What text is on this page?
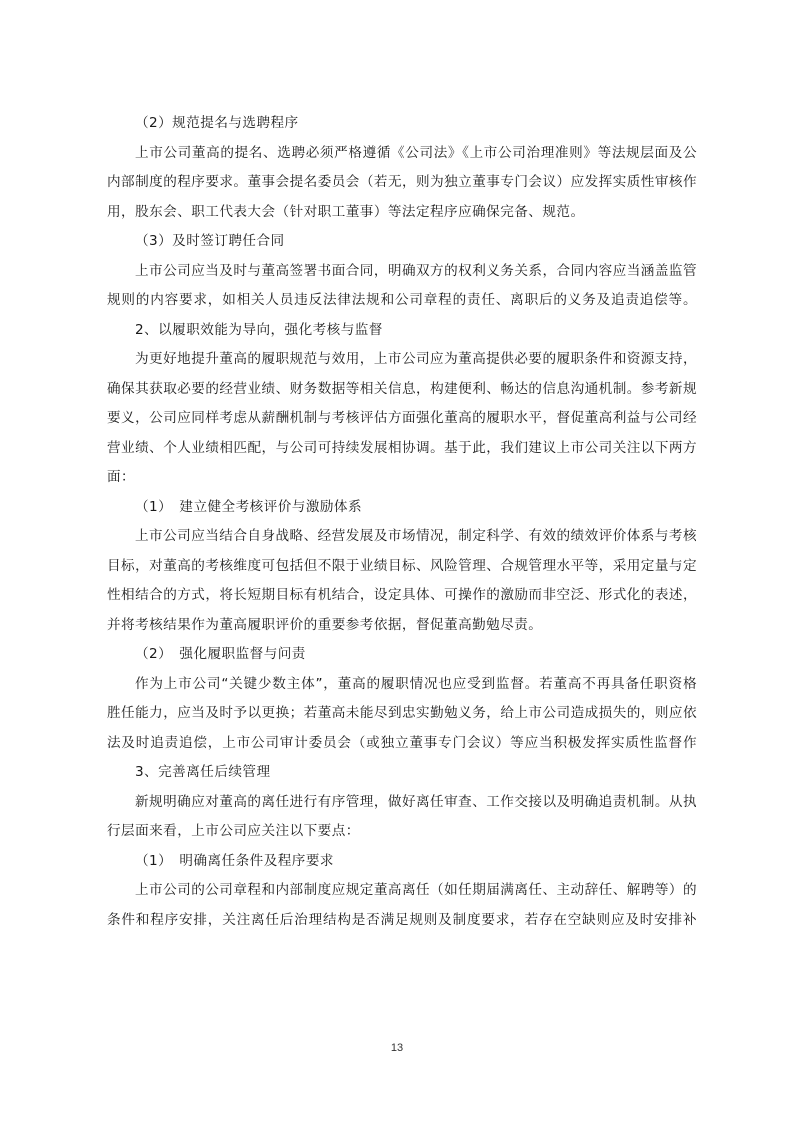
（2）规范提名与选聘程序
上市公司董高的提名、选聘必须严格遵循《公司法》《上市公司治理准则》等法规层面及公
内部制度的程序要求。董事会提名委员会（若无，则为独立董事专门会议）应发挥实质性审核作
用，股东会、职工代表大会（针对职工董事）等法定程序应确保完备、规范。
（3）及时签订聘任合同
上市公司应当及时与董高签署书面合同，明确双方的权利义务关系，合同内容应当涵盖监管
规则的内容要求，如相关人员违反法律法规和公司章程的责任、离职后的义务及追责追偿等。
2、以履职效能为导向，强化考核与监督
为更好地提升董高的履职规范与效用，上市公司应为董高提供必要的履职条件和资源支持，
确保其获取必要的经营业绩、财务数据等相关信息，构建便利、畅达的信息沟通机制。参考新规
要义，公司应同样考虑从薪酬机制与考核评估方面强化董高的履职水平，督促董高利益与公司经
营业绩、个人业绩相匹配，与公司可持续发展相协调。基于此，我们建议上市公司关注以下两方
面：
（1）　建立健全考核评价与激励体系
上市公司应当结合自身战略、经营发展及市场情况，制定科学、有效的绩效评价体系与考核
目标，对董高的考核维度可包括但不限于业绩目标、风险管理、合规管理水平等，采用定量与定
性相结合的方式，将长短期目标有机结合，设定具体、可操作的激励而非空泛、形式化的表述，
并将考核结果作为董高履职评价的重要参考依据，督促董高勤勉尽责。
（2）　强化履职监督与问责
作为上市公司“关键少数主体”，董高的履职情况也应受到监督。若董高不再具备任职资格
胜任能力，应当及时予以更换；若董高未能尽到忠实勤勉义务，给上市公司造成损失的，则应依
法及时追责追偿，上市公司审计委员会（或独立董事专门会议）等应当积极发挥实质性监督作
3、完善离任后续管理
新规明确应对董高的离任进行有序管理，做好离任审查、工作交接以及明确追责机制。从执
行层面来看，上市公司应关注以下要点：
（1）　明确离任条件及程序要求
上市公司的公司章程和内部制度应规定董高离任（如任期届满离任、主动辞任、解聘等）的
条件和程序安排，关注离任后治理结构是否满足规则及制度要求，若存在空缺则应及时安排补
13
